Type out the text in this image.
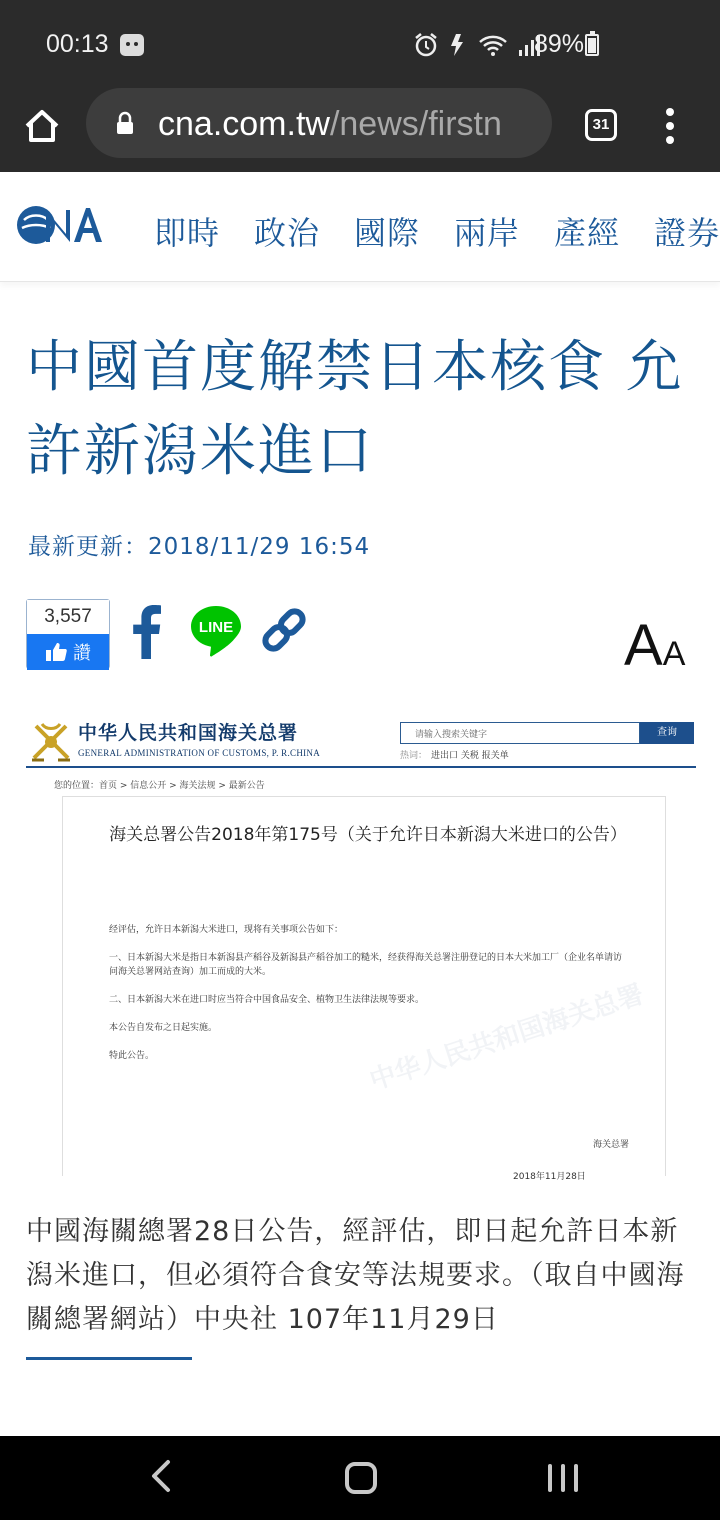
00:13	89%
cna.com.tw/news/firstn	31
即時 政治 國際 兩岸 產經 證券
中國首度解禁日本核食 允許新潟米進口
最新更新：2018/11/29 16:54
3,557
讚
LINE	AA
中华人民共和国海关总署
GENERAL ADMINISTRATION OF CUSTOMS, P. R.CHINA
请输入搜索关键字	查询
热词： 进出口 关税 报关单
您的位置：首页 > 信息公开 > 海关法规 > 最新公告
海关总署公告2018年第175号（关于允许日本新潟大米进口的公告）

经评估，允许日本新潟大米进口，现将有关事项公告如下：

一、日本新潟大米是指日本新潟县产稻谷及新潟县产稻谷加工的糙米，经获得海关总署注册登记的日本大米加工厂（企业名单请访问海关总署网站查询）加工而成的大米。

二、日本新潟大米在进口时应当符合中国食品安全、植物卫生法律法规等要求。

本公告自发布之日起实施。

特此公告。	中华人民共和国海关总署
海关总署
2018年11月28日
中國海關總署28日公告，經評估，即日起允許日本新潟米進口，但必須符合食安等法規要求。（取自中國海關總署網站）中央社 107年11月29日
